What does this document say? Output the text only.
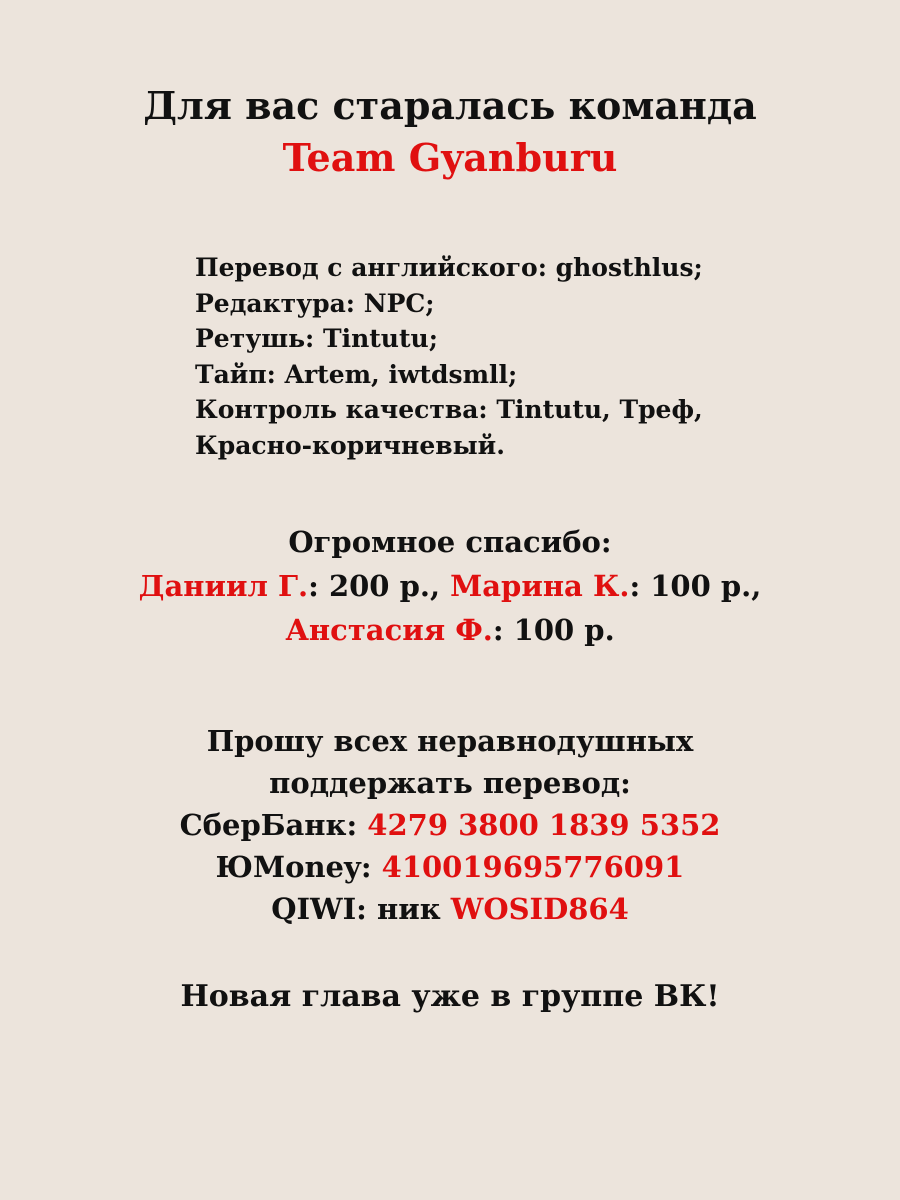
Для вас старалась команда
Team Gyanburu
Перевод с английского: ghosthlus;
Редактура: NPC;
Ретушь: Tintutu;
Тайп: Artem, iwtdsmll;
Контроль качества: Tintutu, Треф,
Красно-коричневый.
Огромное спасибо:
Даниил Г.: 200 р., Марина К.: 100 р.,
Анстасия Ф.: 100 р.
Прошу всех неравнодушных
поддержать перевод:
СберБанк: 4279 3800 1839 5352
ЮMoney: 410019695776091
QIWI: ник WOSID864
Новая глава уже в группе ВК!
